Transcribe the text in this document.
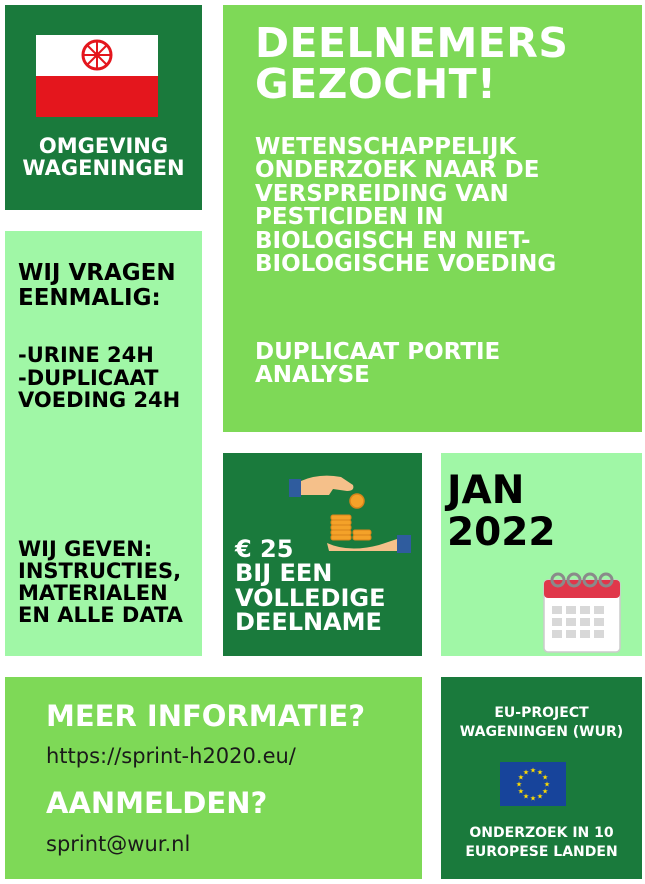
OMGEVING
WAGENINGEN
DEELNEMERS
GEZOCHT!
WETENSCHAPPELIJK
ONDERZOEK NAAR DE
VERSPREIDING VAN
PESTICIDEN IN
BIOLOGISCH EN NIET-
BIOLOGISCHE VOEDING
DUPLICAAT PORTIE
ANALYSE
WIJ VRAGEN
EENMALIG:
-URINE 24H
-DUPLICAAT
VOEDING 24H
WIJ GEVEN:
INSTRUCTIES,
MATERIALEN
EN ALLE DATA
€ 25
BIJ EEN
VOLLEDIGE
DEELNAME
JAN
2022
MEER INFORMATIE?
https://sprint-h2020.eu/
AANMELDEN?
sprint@wur.nl
EU-PROJECT
WAGENINGEN (WUR)
★ ★
★
★
★
★
★
★
★
★
★
★
ONDERZOEK IN 10
EUROPESE LANDEN
